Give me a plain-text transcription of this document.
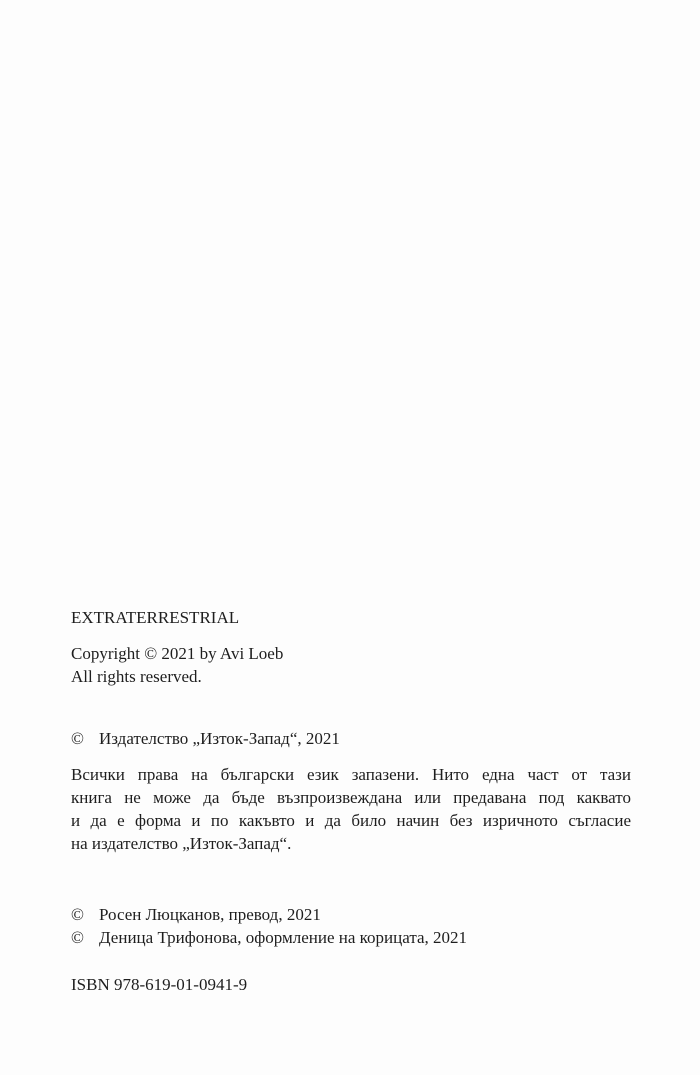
EXTRATERRESTRIAL
Copyright © 2021 by Avi Loeb
All rights reserved.
© Издателство „Изток-Запад“, 2021
Всички права на български език запазени. Нито една част от тази
книга не може да бъде възпроизвеждана или предавана под каквато
и да е форма и по какъвто и да било начин без изричното съгласие
на издателство „Изток-Запад“.
© Росен Люцканов, превод, 2021
© Деница Трифонова, оформление на корицата, 2021
ISBN 978-619-01-0941-9
